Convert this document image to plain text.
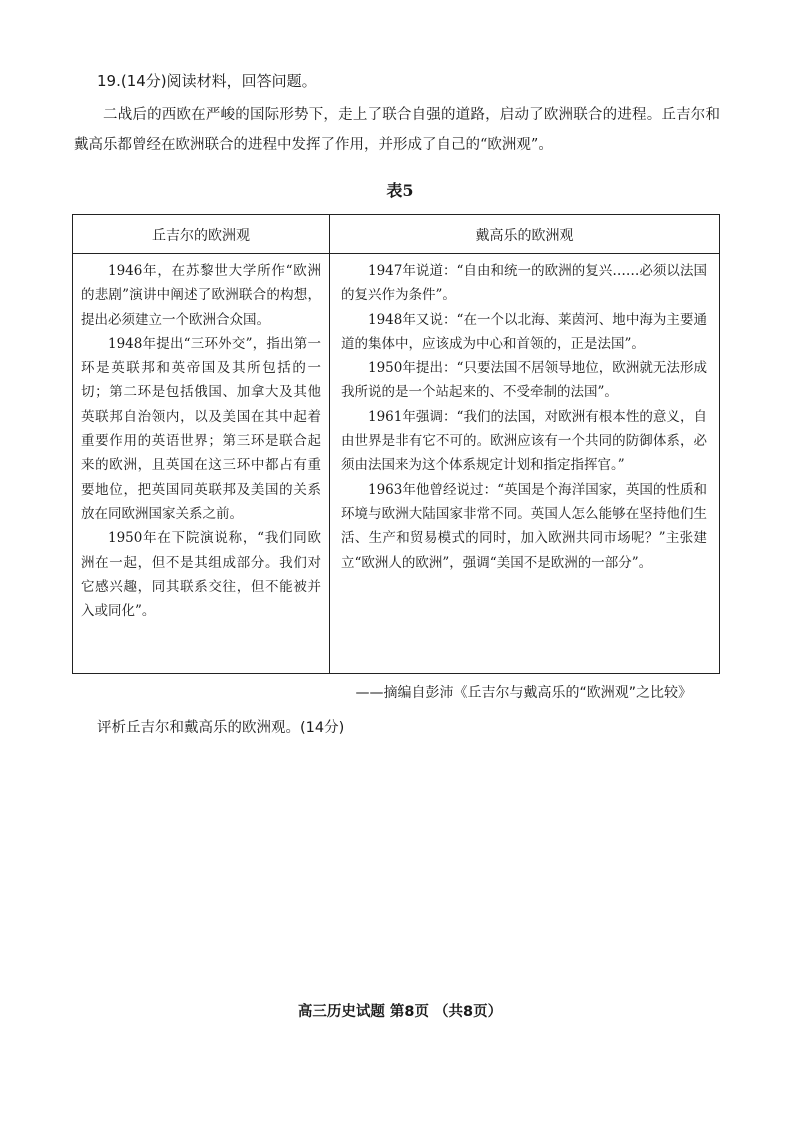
19.(14分)阅读材料，回答问题。

二战后的西欧在严峻的国际形势下，走上了联合自强的道路，启动了欧洲联合的进程。丘吉尔和戴高乐都曾经在欧洲联合的进程中发挥了作用，并形成了自己的“欧洲观”。

表5

丘吉尔的欧洲观	戴高乐的欧洲观

1946年，在苏黎世大学所作“欧洲的悲剧”演讲中阐述了欧洲联合的构想，提出必须建立一个欧洲合众国。

1948年提出“三环外交”，指出第一环是英联邦和英帝国及其所包括的一切；第二环是包括俄国、加拿大及其他英联邦自治领内，以及美国在其中起着重要作用的英语世界；第三环是联合起来的欧洲，且英国在这三环中都占有重要地位，把英国同英联邦及美国的关系放在同欧洲国家关系之前。

1950年在下院演说称，“我们同欧洲在一起，但不是其组成部分。我们对它感兴趣，同其联系交往，但不能被并入或同化”。

1947年说道：“自由和统一的欧洲的复兴……必须以法国的复兴作为条件”。

1948年又说：“在一个以北海、莱茵河、地中海为主要通道的集体中，应该成为中心和首领的，正是法国”。

1950年提出：“只要法国不居领导地位，欧洲就无法形成我所说的是一个站起来的、不受牵制的法国”。

1961年强调：“我们的法国，对欧洲有根本性的意义，自由世界是非有它不可的。欧洲应该有一个共同的防御体系，必须由法国来为这个体系规定计划和指定指挥官。”

1963年他曾经说过：“英国是个海洋国家，英国的性质和环境与欧洲大陆国家非常不同。英国人怎么能够在坚持他们生活、生产和贸易模式的同时，加入欧洲共同市场呢？”主张建立“欧洲人的欧洲”，强调“美国不是欧洲的一部分”。

——摘编自彭沛《丘吉尔与戴高乐的“欧洲观”之比较》

评析丘吉尔和戴高乐的欧洲观。(14分)

高三历史试题 第8页 （共8页）
